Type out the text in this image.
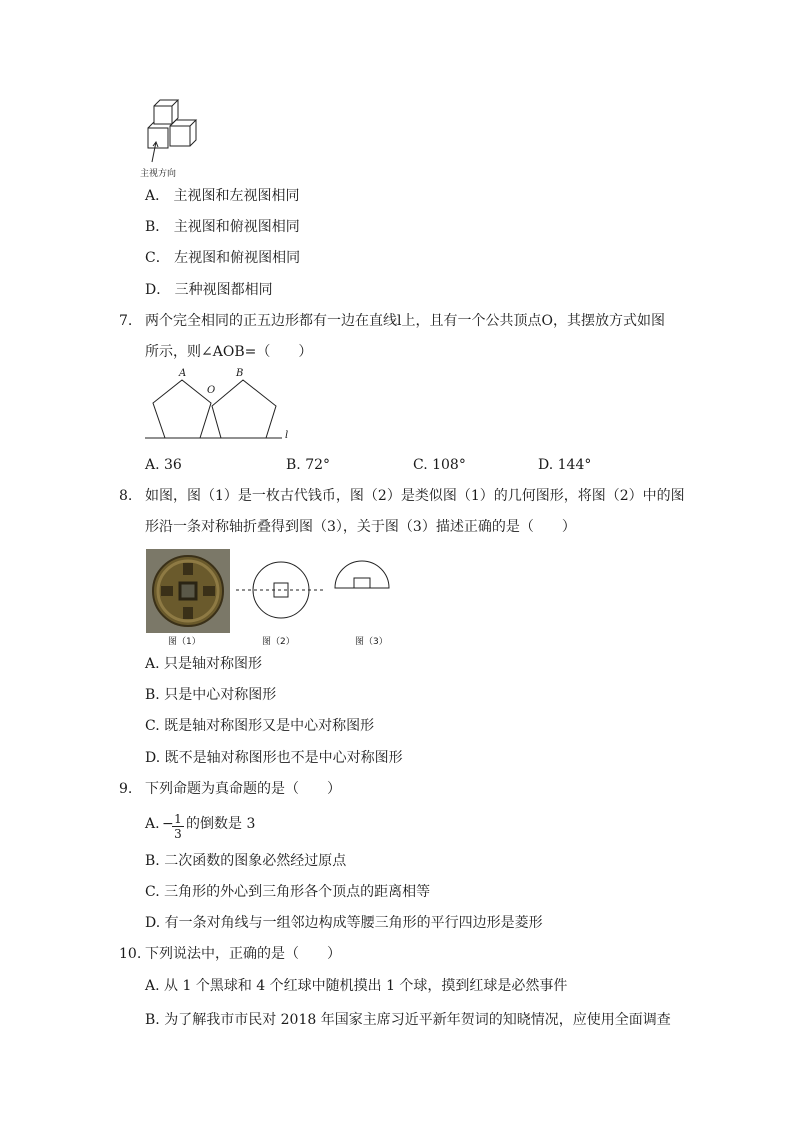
主视方向
A． 主视图和左视图相同
B． 主视图和俯视图相同
C． 左视图和俯视图相同
D． 三种视图都相同
7. 两个完全相同的正五边形都有一边在直线l上，且有一个公共顶点O，其摆放方式如图
所示，则∠AOB=（　　）
A
O
B
l
A. 36	B. 72°	C. 108°	D. 144°
8. 如图，图（1）是一枚古代钱币，图（2）是类似图（1）的几何图形，将图（2）中的图
形沿一条对称轴折叠得到图（3），关于图（3）描述正确的是（　　）
图（1）	图（2）	图（3）
A. 只是轴对称图形
B. 只是中心对称图形
C. 既是轴对称图形又是中心对称图形
D. 既不是轴对称图形也不是中心对称图形
9. 下列命题为真命题的是（　　）
A. −
$\frac{1}{3}$ 的倒数是 3
B. 二次函数的图象必然经过原点
C. 三角形的外心到三角形各个顶点的距离相等
D. 有一条对角线与一组邻边构成等腰三角形的平行四边形是菱形
10. 下列说法中，正确的是（　　）
A. 从 1 个黑球和 4 个红球中随机摸出 1 个球，摸到红球是必然事件
B. 为了解我市市民对 2018 年国家主席习近平新年贺词的知晓情况，应使用全面调查
